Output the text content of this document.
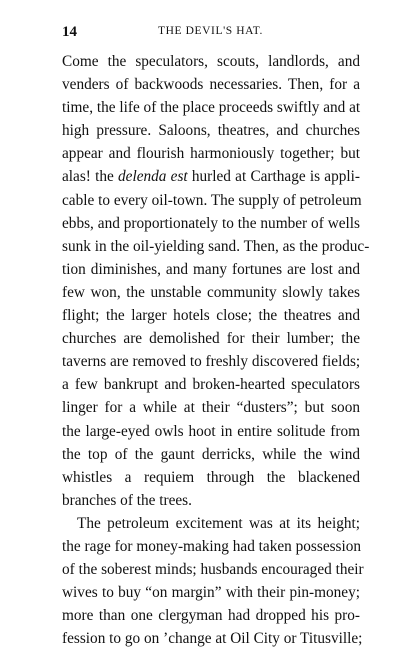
14	THE DEVIL'S HAT.
Come the speculators, scouts, landlords, and
venders of backwoods necessaries. Then, for a
time, the life of the place proceeds swiftly and at
high pressure. Saloons, theatres, and churches
appear and flourish harmoniously together; but
alas! the delenda est hurled at Carthage is appli-
cable to every oil-town. The supply of petroleum
ebbs, and proportionately to the number of wells
sunk in the oil-yielding sand. Then, as the produc-
tion diminishes, and many fortunes are lost and
few won, the unstable community slowly takes
flight; the larger hotels close; the theatres and
churches are demolished for their lumber; the
taverns are removed to freshly discovered fields;
a few bankrupt and broken-hearted speculators
linger for a while at their “dusters”; but soon
the large-eyed owls hoot in entire solitude from
the top of the gaunt derricks, while the wind
whistles a requiem through the blackened
branches of the trees.
The petroleum excitement was at its height;
the rage for money-making had taken possession
of the soberest minds; husbands encouraged their
wives to buy “on margin” with their pin-money;
more than one clergyman had dropped his pro-
fession to go on ’change at Oil City or Titusville;
